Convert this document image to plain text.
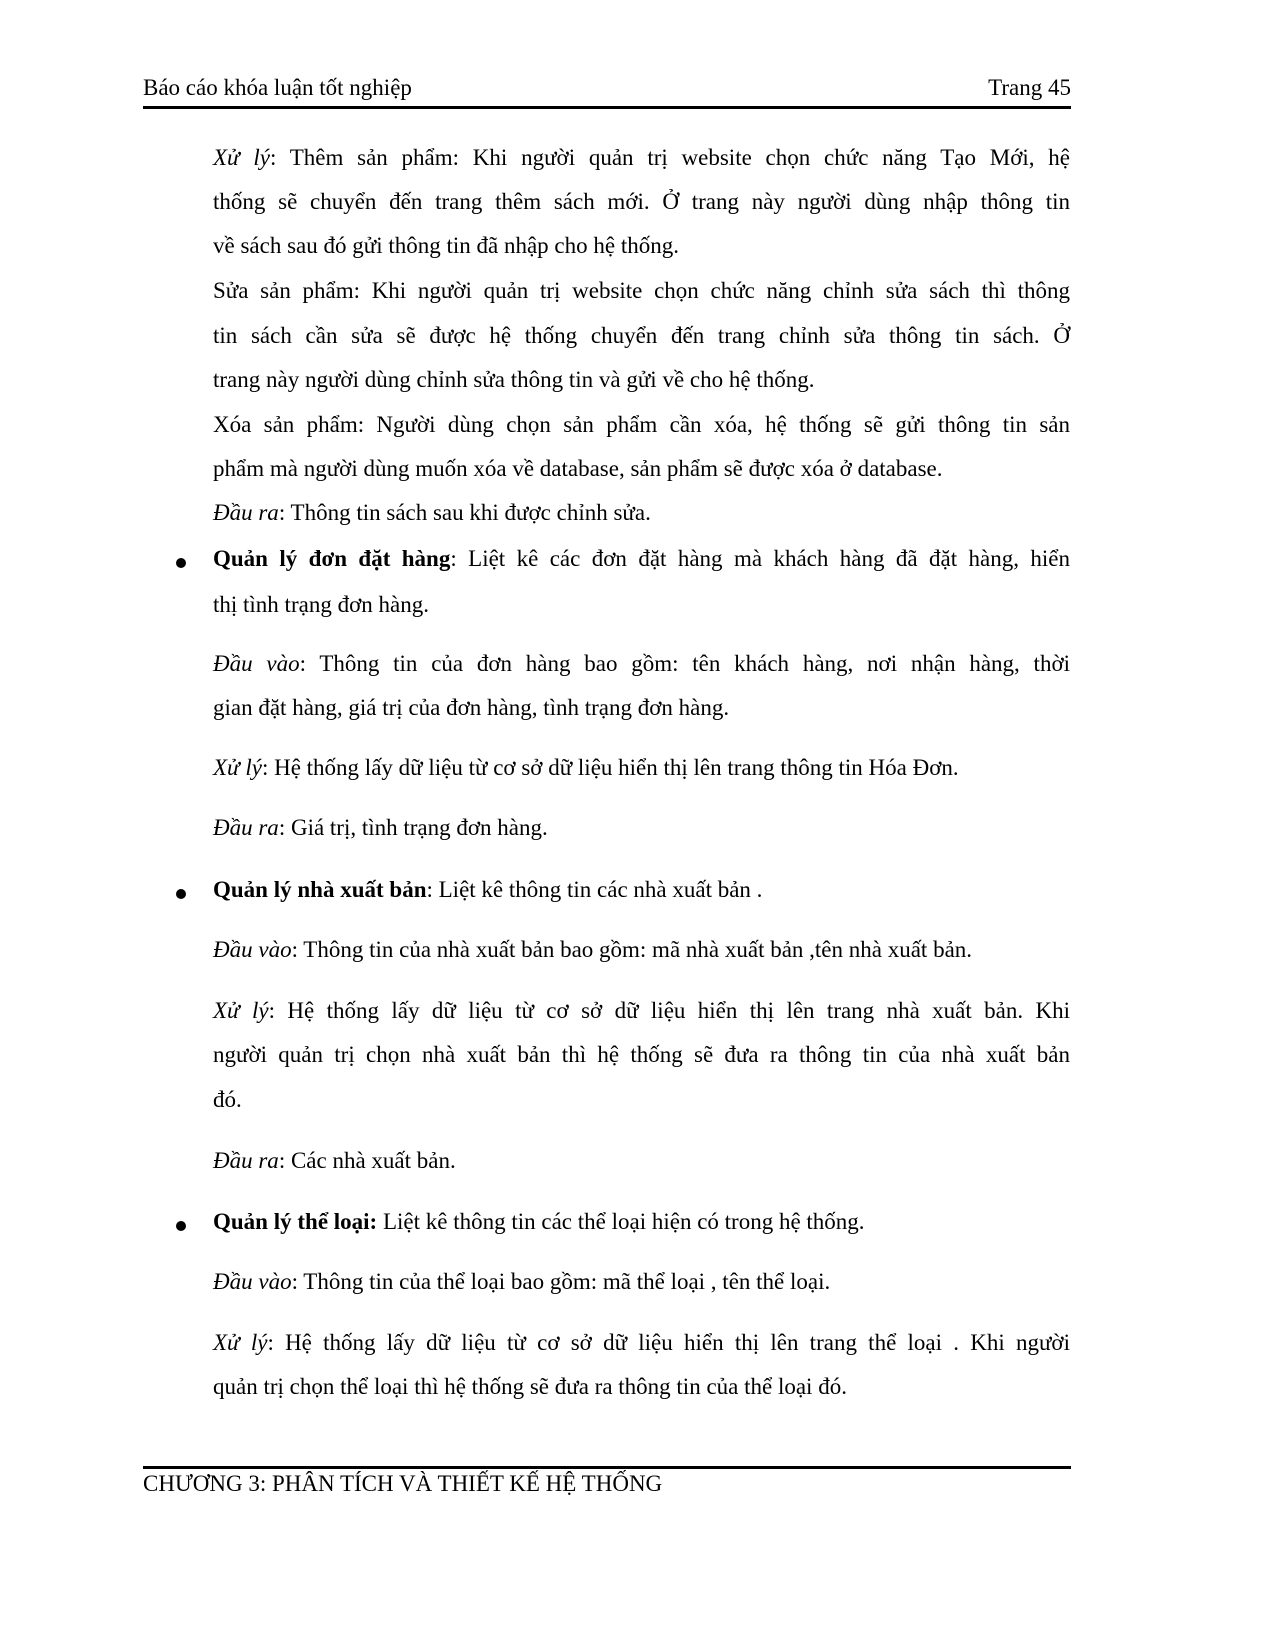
Báo cáo khóa luận tốt nghiệp	Trang 45
Xử lý: Thêm sản phẩm: Khi người quản trị website chọn chức năng Tạo Mới, hệ
thống sẽ chuyển đến trang thêm sách mới. Ở trang này người dùng nhập thông tin
về sách sau đó gửi thông tin đã nhập cho hệ thống.
Sửa sản phẩm: Khi người quản trị website chọn chức năng chỉnh sửa sách thì thông
tin sách cần sửa sẽ được hệ thống chuyển đến trang chỉnh sửa thông tin sách. Ở
trang này người dùng chỉnh sửa thông tin và gửi về cho hệ thống.
Xóa sản phẩm: Người dùng chọn sản phẩm cần xóa, hệ thống sẽ gửi thông tin sản
phẩm mà người dùng muốn xóa về database, sản phẩm sẽ được xóa ở database.
Đầu ra: Thông tin sách sau khi được chỉnh sửa.
Quản lý đơn đặt hàng: Liệt kê các đơn đặt hàng mà khách hàng đã đặt hàng, hiển
thị tình trạng đơn hàng.
Đầu vào: Thông tin của đơn hàng bao gồm: tên khách hàng, nơi nhận hàng, thời
gian đặt hàng, giá trị của đơn hàng, tình trạng đơn hàng.
Xử lý: Hệ thống lấy dữ liệu từ cơ sở dữ liệu hiển thị lên trang thông tin Hóa Đơn.
Đầu ra: Giá trị, tình trạng đơn hàng.
Quản lý nhà xuất bản: Liệt kê thông tin các nhà xuất bản .
Đầu vào: Thông tin của nhà xuất bản bao gồm: mã nhà xuất bản ,tên nhà xuất bản.
Xử lý: Hệ thống lấy dữ liệu từ cơ sở dữ liệu hiển thị lên trang nhà xuất bản. Khi
người quản trị chọn nhà xuất bản thì hệ thống sẽ đưa ra thông tin của nhà xuất bản
đó.
Đầu ra: Các nhà xuất bản.
Quản lý thể loại: Liệt kê thông tin các thể loại hiện có trong hệ thống.
Đầu vào: Thông tin của thể loại bao gồm: mã thể loại , tên thể loại.
Xử lý: Hệ thống lấy dữ liệu từ cơ sở dữ liệu hiển thị lên trang thể loại . Khi người
quản trị chọn thể loại thì hệ thống sẽ đưa ra thông tin của thể loại đó.
CHƯƠNG 3: PHÂN TÍCH VÀ THIẾT KẾ HỆ THỐNG
